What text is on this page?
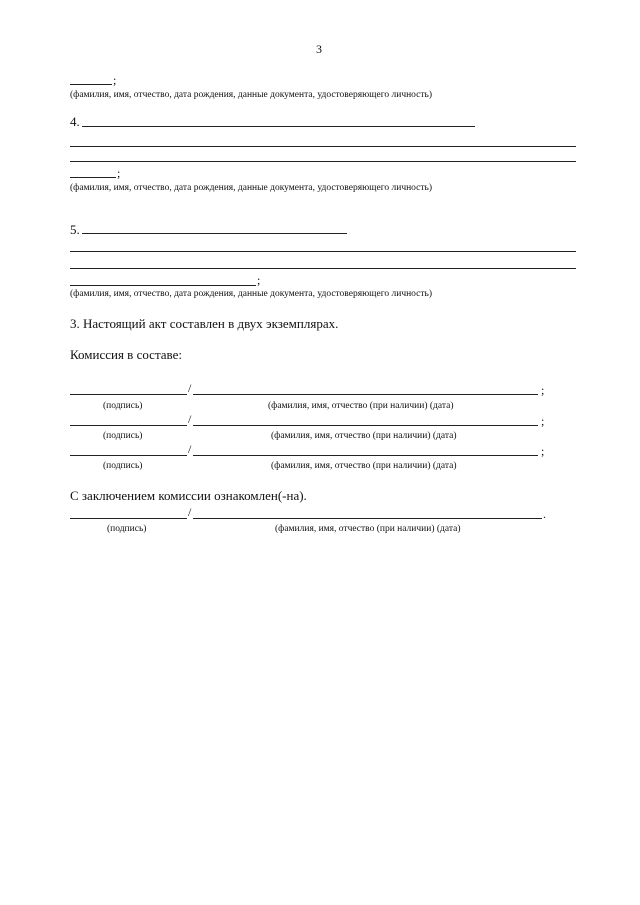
3
;
(фамилия, имя, отчество, дата рождения, данные документа, удостоверяющего личность)
4.
;
(фамилия, имя, отчество, дата рождения, данные документа, удостоверяющего личность)
5.
;
(фамилия, имя, отчество, дата рождения, данные документа, удостоверяющего личность)
3. Настоящий акт составлен в двух экземплярах.
Комиссия в составе:
/	;
(подпись)	(фамилия, имя, отчество (при наличии) (дата)
/	;
(подпись)	(фамилия, имя, отчество (при наличии) (дата)
/	;
(подпись)	(фамилия, имя, отчество (при наличии) (дата)
С заключением комиссии ознакомлен(-на).
/	.
(подпись)	(фамилия, имя, отчество (при наличии) (дата)
